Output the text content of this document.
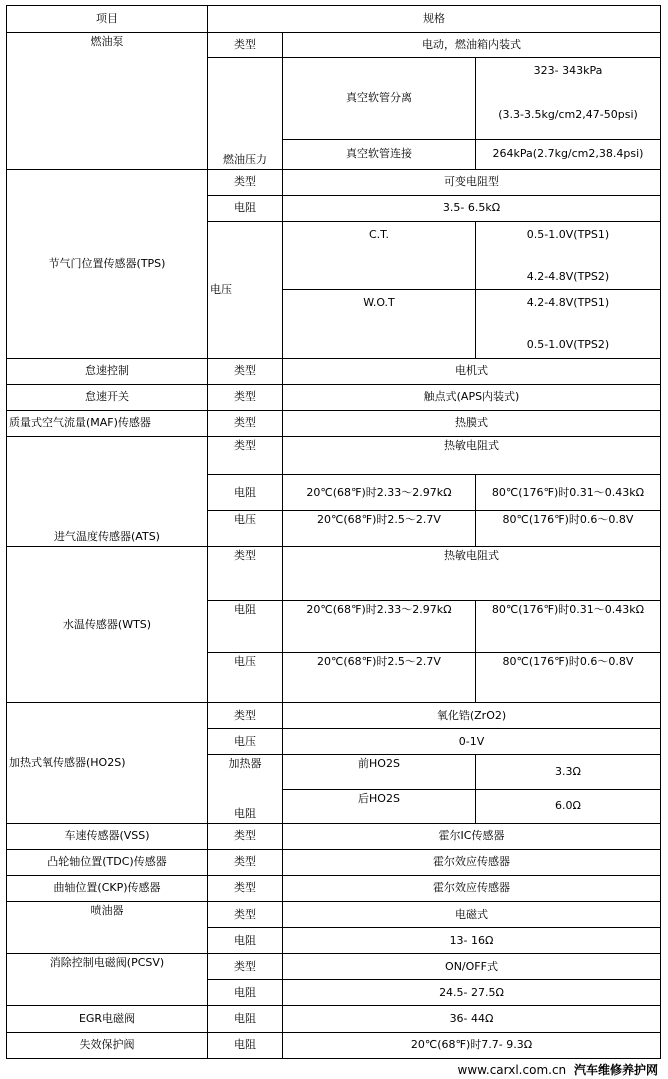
项目	规格		
燃油泵	类型	电动，燃油箱内装式	
	燃油压力	真空软管分离	323- 343kPa
(3.3-3.5kg/cm2,47-50psi)

		真空软管连接	264kPa(2.7kg/cm2,38.4psi)
节气门位置传感器(TPS)	类型	可变电阻型	
	电阻	3.5- 6.5kΩ	
	电压	C.T.	0.5-1.0V(TPS1)
4.2-4.8V(TPS2)

		W.O.T	4.2-4.8V(TPS1)
0.5-1.0V(TPS2)

怠速控制	类型	电机式	
怠速开关	类型	触点式(APS内装式)	
质量式空气流量(MAF)传感器	类型	热膜式	
进气温度传感器(ATS)	类型	热敏电阻式	
	电阻	20℃(68℉)时2.33～2.97kΩ	80℃(176℉)时0.31～0.43kΩ
	电压	20℃(68℉)时2.5～2.7V	80℃(176℉)时0.6～0.8V
水温传感器(WTS)	类型	热敏电阻式	
	电阻	20℃(68℉)时2.33～2.97kΩ	80℃(176℉)时0.31～0.43kΩ
	电压	20℃(68℉)时2.5～2.7V	80℃(176℉)时0.6～0.8V
加热式氧传感器(HO2S)	类型	氧化锆(ZrO2)	
	电压	0-1V	
	加热器	前HO2S	3.3Ω
	电阻	后HO2S	6.0Ω
车速传感器(VSS)	类型	霍尔IC传感器	
凸轮轴位置(TDC)传感器	类型	霍尔效应传感器	
曲轴位置(CKP)传感器	类型	霍尔效应传感器	
喷油器	类型	电磁式	
	电阻	13- 16Ω	
消除控制电磁阀(PCSV)	类型	ON/OFF式	
	电阻	24.5- 27.5Ω	
EGR电磁阀	电阻	36- 44Ω	
失效保护阀	电阻	20℃(68℉)时7.7- 9.3Ω	
www.carxl.com.cn 汽车维修养护网
